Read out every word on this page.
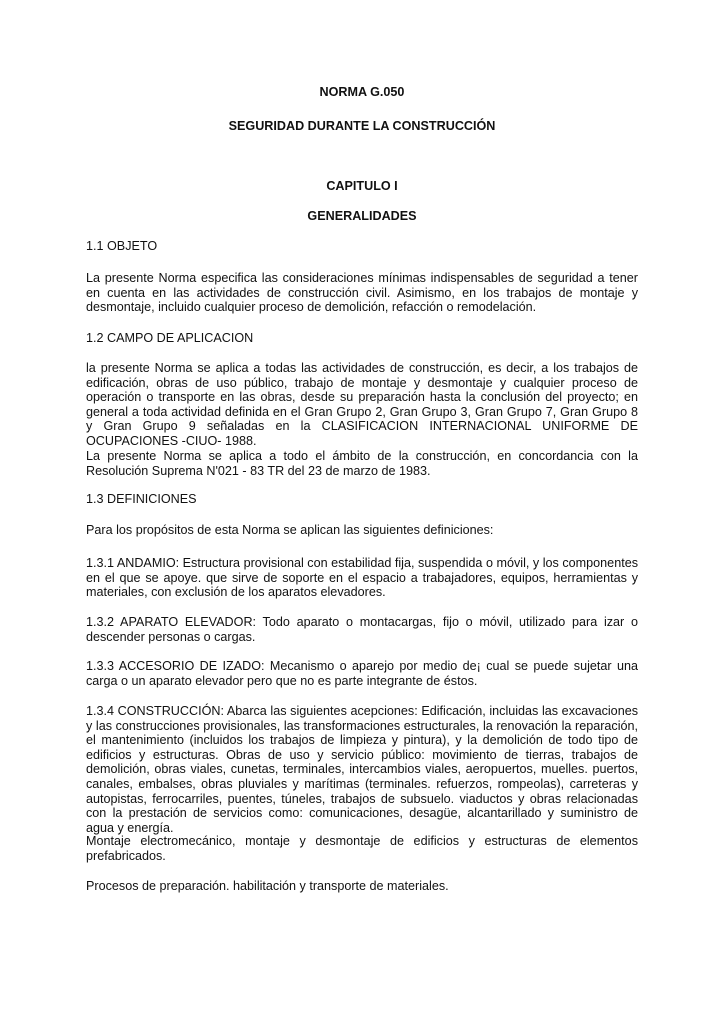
NORMA G.050
SEGURIDAD DURANTE LA CONSTRUCCIÓN
CAPITULO I
GENERALIDADES
1.1 OBJETO
La presente Norma especifica las consideraciones mínimas indispensables de seguridad a tener en cuenta en las actividades de construcción civil. Asimismo, en los trabajos de montaje y desmontaje, incluido cualquier proceso de demolición, refacción o remodelación.
1.2 CAMPO DE APLICACION
la presente Norma se aplica a todas las actividades de construcción, es decir, a los trabajos de edificación, obras de uso público, trabajo de montaje y desmontaje y cualquier proceso de operación o transporte en las obras, desde su preparación hasta la conclusión del proyecto; en general a toda actividad definida en el Gran Grupo 2, Gran Grupo 3, Gran Grupo 7, Gran Grupo 8 y Gran Grupo 9 señaladas en la CLASIFICACION INTERNACIONAL UNIFORME DE OCUPACIONES -CIUO- 1988.
La presente Norma se aplica a todo el ámbito de la construcción, en concordancia con la Resolución Suprema N'021 - 83 TR del 23 de marzo de 1983.
1.3 DEFINICIONES
Para los propósitos de esta Norma se aplican las siguientes definiciones:
1.3.1 ANDAMIO: Estructura provisional con estabilidad fija, suspendida o móvil, y los componentes en el que se apoye. que sirve de soporte en el espacio a trabajadores, equipos, herramientas y materiales, con exclusión de los aparatos elevadores.
1.3.2 APARATO ELEVADOR: Todo aparato o montacargas, fijo o móvil, utilizado para izar o descender personas o cargas.
1.3.3 ACCESORIO DE IZADO: Mecanismo o aparejo por medio de¡ cual se puede sujetar una carga o un aparato elevador pero que no es parte integrante de éstos.
1.3.4 CONSTRUCCIÓN: Abarca las siguientes acepciones: Edificación, incluidas las excavaciones y las construcciones provisionales, las transformaciones estructurales, la renovación la reparación, el mantenimiento (incluidos los trabajos de limpieza y pintura), y la demolición de todo tipo de edificios y estructuras. Obras de uso y servicio público: movimiento de tierras, trabajos de demolición, obras viales, cunetas, terminales, intercambios viales, aeropuertos, muelles. puertos, canales, embalses, obras pluviales y marítimas (terminales. refuerzos, rompeolas), carreteras y autopistas, ferrocarriles, puentes, túneles, trabajos de subsuelo. viaductos y obras relacionadas con la prestación de servicios como: comunicaciones, desagüe, alcantarillado y suministro de agua y energía.
Montaje electromecánico, montaje y desmontaje de edificios y estructuras de elementos prefabricados.
Procesos de preparación. habilitación y transporte de materiales.
